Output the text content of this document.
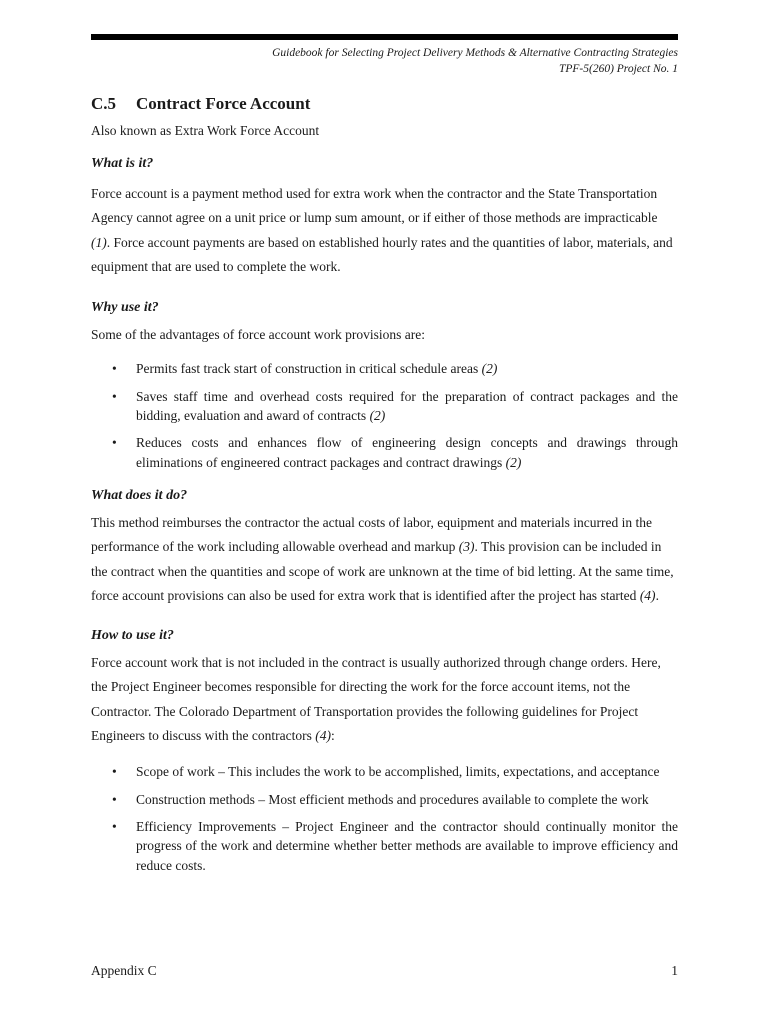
Guidebook for Selecting Project Delivery Methods & Alternative Contracting Strategies
TPF-5(260) Project No. 1
C.5 Contract Force Account

Also known as Extra Work Force Account

What is it?

Force account is a payment method used for extra work when the contractor and the State Transportation Agency cannot agree on a unit price or lump sum amount, or if either of those methods are impracticable (1). Force account payments are based on established hourly rates and the quantities of labor, materials, and equipment that are used to complete the work.

Why use it?

Some of the advantages of force account work provisions are:

• Permits fast track start of construction in critical schedule areas (2)
• Saves staff time and overhead costs required for the preparation of contract packages and the bidding, evaluation and award of contracts (2)
• Reduces costs and enhances flow of engineering design concepts and drawings through eliminations of engineered contract packages and contract drawings (2)
What does it do?

This method reimburses the contractor the actual costs of labor, equipment and materials incurred in the performance of the work including allowable overhead and markup (3). This provision can be included in the contract when the quantities and scope of work are unknown at the time of bid letting. At the same time, force account provisions can also be used for extra work that is identified after the project has started (4).

How to use it?

Force account work that is not included in the contract is usually authorized through change orders. Here, the Project Engineer becomes responsible for directing the work for the force account items, not the Contractor. The Colorado Department of Transportation provides the following guidelines for Project Engineers to discuss with the contractors (4):

• Scope of work – This includes the work to be accomplished, limits, expectations, and acceptance
• Construction methods – Most efficient methods and procedures available to complete the work
• Efficiency Improvements – Project Engineer and the contractor should continually monitor the progress of the work and determine whether better methods are available to improve efficiency and reduce costs.
Appendix C	1
